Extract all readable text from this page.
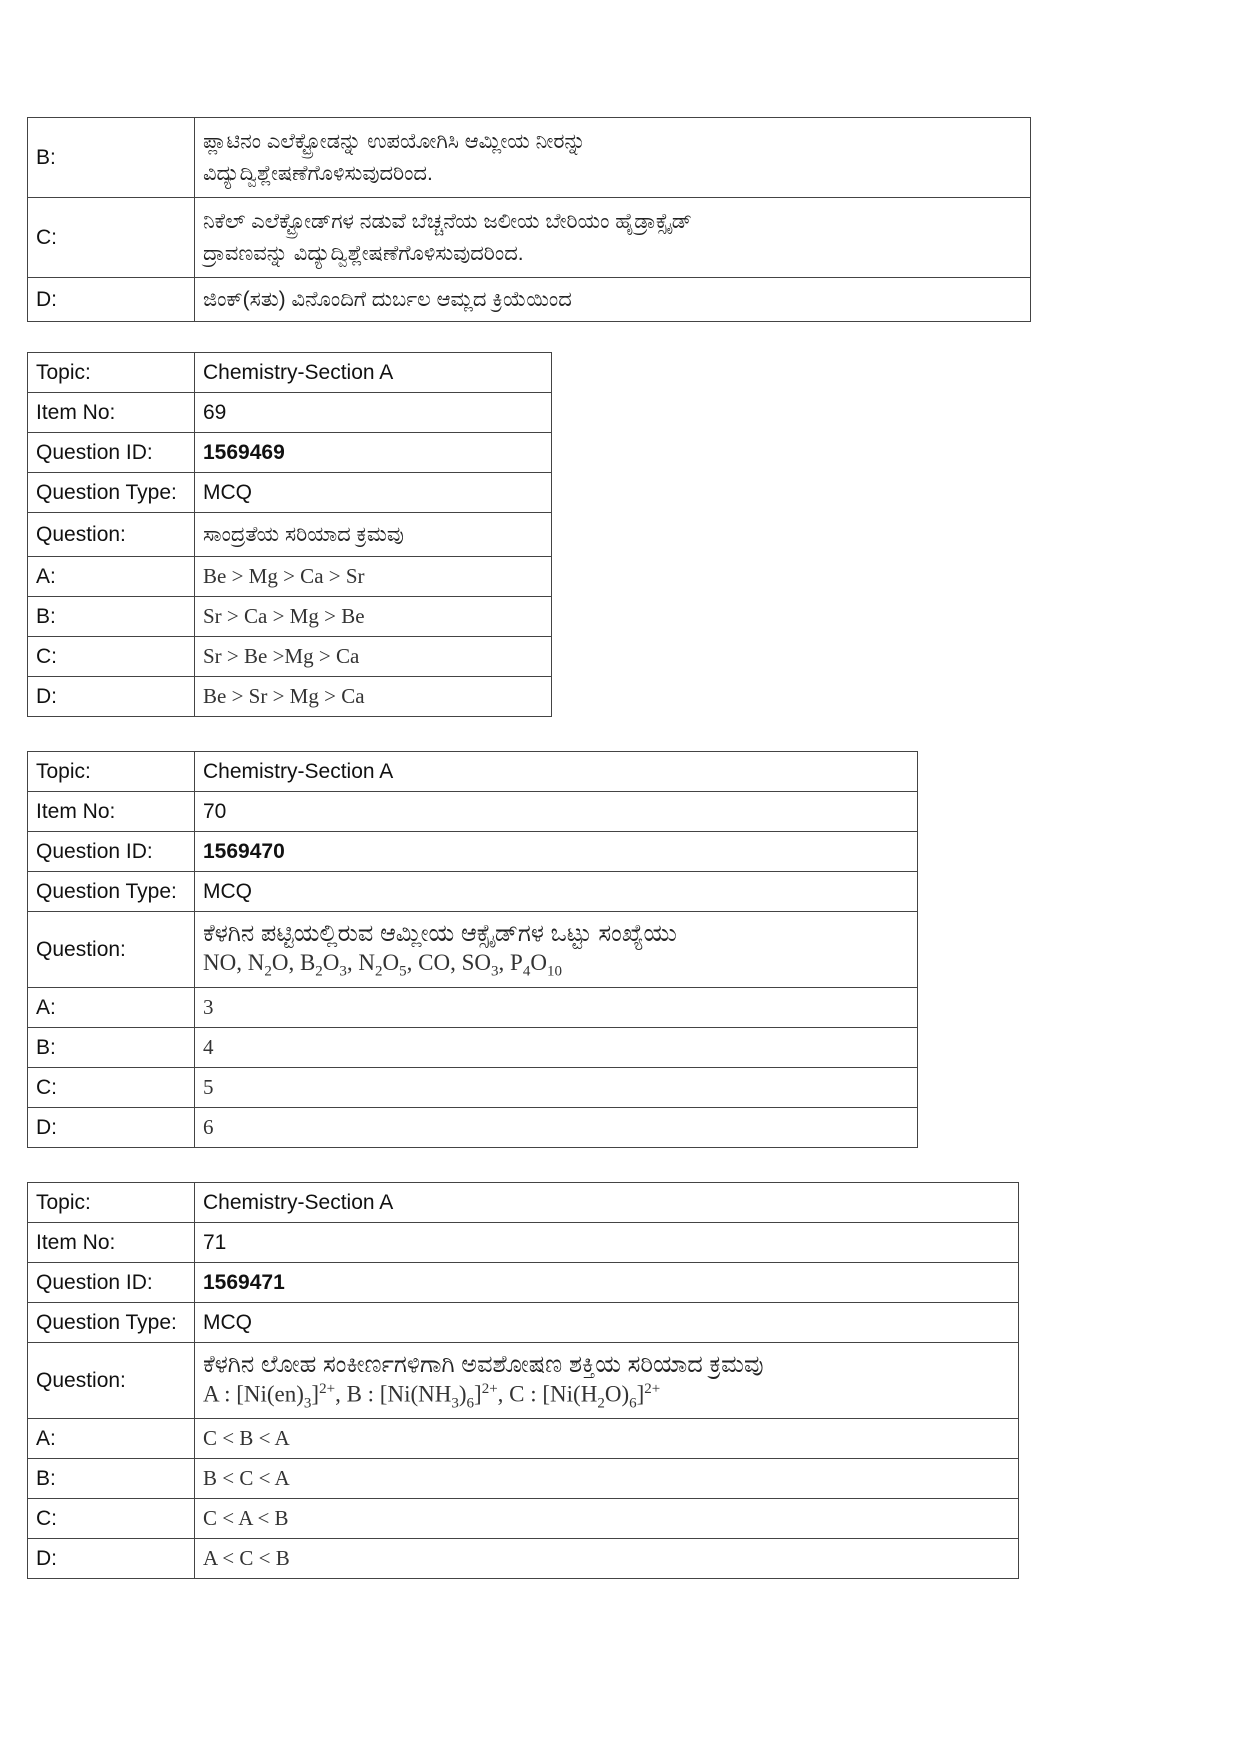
B:	ಪ್ಲಾಟಿನಂ ಎಲೆಕ್ಟ್ರೋಡನ್ನು ಉಪಯೋಗಿಸಿ ಆಮ್ಲೀಯ ನೀರನ್ನು
ವಿದ್ಯುದ್ವಿಶ್ಲೇಷಣೆಗೊಳಿಸುವುದರಿಂದ.

C:	ನಿಕೆಲ್ ಎಲೆಕ್ಟ್ರೋಡ್‌ಗಳ ನಡುವೆ ಬೆಚ್ಚನೆಯ ಜಲೀಯ ಬೇರಿಯಂ ಹೈಡ್ರಾಕ್ಸೈಡ್
ದ್ರಾವಣವನ್ನು ವಿದ್ಯುದ್ವಿಶ್ಲೇಷಣೆಗೊಳಿಸುವುದರಿಂದ.

D:	ಜಿಂಕ್(ಸತು) ವಿನೊಂದಿಗೆ ದುರ್ಬಲ ಆಮ್ಲದ ಕ್ರಿಯೆಯಿಂದ
Topic:	Chemistry-Section A
Item No:	69
Question ID:	1569469
Question Type:	MCQ
Question:	ಸಾಂದ್ರತೆಯ ಸರಿಯಾದ ಕ್ರಮವು
A:	Be > Mg > Ca > Sr
B:	Sr > Ca > Mg > Be
C:	Sr > Be >Mg > Ca
D:	Be > Sr > Mg > Ca
Topic:	Chemistry-Section A
Item No:	70
Question ID:	1569470
Question Type:	MCQ
Question:	ಕೆಳಗಿನ ಪಟ್ಟಿಯಲ್ಲಿರುವ ಆಮ್ಲೀಯ ಆಕ್ಸೈಡ್‌ಗಳ ಒಟ್ಟು ಸಂಖ್ಯೆಯು
NO, $N_2O$, $B_2O_3$, $N_2O_5$, CO, $SO_3$, $P_4O_{10}$

A:	3
B:	4
C:	5
D:	6
Topic:	Chemistry-Section A
Item No:	71
Question ID:	1569471
Question Type:	MCQ
Question:	ಕೆಳಗಿನ ಲೋಹ ಸಂಕೀರ್ಣಗಳಿಗಾಗಿ ಅವಶೋಷಣ ಶಕ್ತಿಯ ಸರಿಯಾದ ಕ್ರಮವು
A : $[Ni(en)_3]^{2+}$, B : $[Ni(NH_3)_6]^{2+}$, C : $[Ni(H_2O)_6]^{2+}$

A:	C < B < A
B:	B < C < A
C:	C < A < B
D:	A < C < B
